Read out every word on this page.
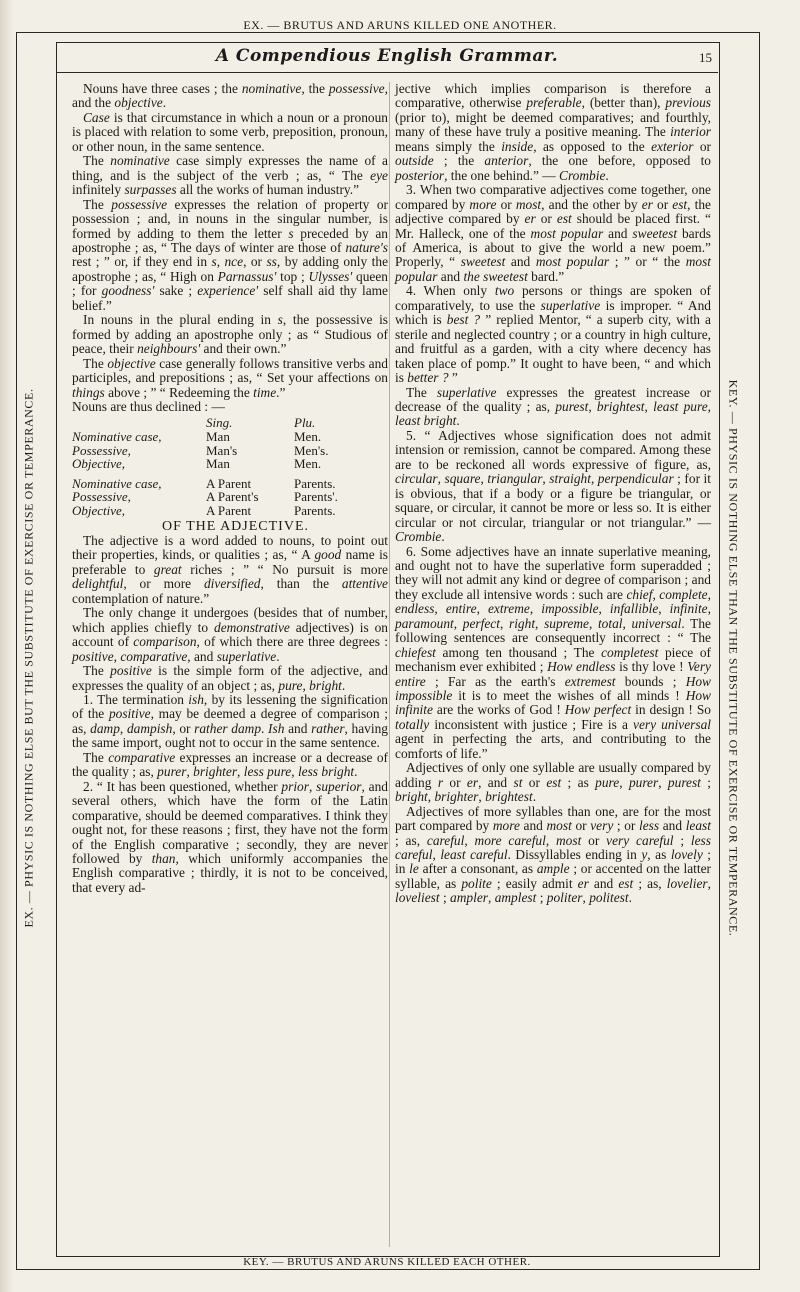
EX. — BRUTUS AND ARUNS KILLED ONE ANOTHER.
EX. — PHYSIC IS NOTHING ELSE BUT THE SUBSTITUTE OF EXERCISE OR TEMPERANCE.	KEY. — PHYSIC IS NOTHING ELSE THAN THE SUBSTITUTE OF EXERCISE OR TEMPERANCE.
A Compendious English Grammar.	15

Nouns have three cases ; the nominative, the possessive, and the objective.

Case is that circumstance in which a noun or a pronoun is placed with relation to some verb, preposition, pronoun, or other noun, in the same sentence.

The nominative case simply expresses the name of a thing, and is the subject of the verb ; as, “ The eye infinitely surpasses all the works of human industry.”

The possessive expresses the relation of property or possession ; and, in nouns in the singular number, is formed by adding to them the letter s preceded by an apostrophe ; as, “ The days of winter are those of nature's rest ; ” or, if they end in s, nce, or ss, by adding only the apostrophe ; as, “ High on Parnassus' top ; Ulysses' queen ; for goodness' sake ; experience' self shall aid thy lame belief.”

In nouns in the plural ending in s, the possessive is formed by adding an apostrophe only ; as “ Studious of peace, their neighbours' and their own.”

The objective case generally follows transitive verbs and participles, and prepositions ; as, “ Set your affections on things above ; ” “ Redeeming the time.”

Nouns are thus declined : —

	Sing.	Plu.
Nominative case,	Man	Men.
Possessive,	Man's	Men's.
Objective,	Man	Men.

Nominative case,	A Parent	Parents.
Possessive,	A Parent's	Parents'.
Objective,	A Parent	Parents.

OF THE ADJECTIVE.

The adjective is a word added to nouns, to point out their properties, kinds, or qualities ; as, “ A good name is preferable to great riches ; ” “ No pursuit is more delightful, or more diversified, than the attentive contemplation of nature.”

The only change it undergoes (besides that of number, which applies chiefly to demonstrative adjectives) is on account of comparison, of which there are three degrees : positive, comparative, and superlative.

The positive is the simple form of the adjective, and expresses the quality of an object ; as, pure, bright.

1. The termination ish, by its lessening the signification of the positive, may be deemed a degree of comparison ; as, damp, dampish, or rather damp. Ish and rather, having the same import, ought not to occur in the same sentence.

The comparative expresses an increase or a decrease of the quality ; as, purer, brighter, less pure, less bright.

2. “ It has been questioned, whether prior, superior, and several others, which have the form of the Latin comparative, should be deemed comparatives. I think they ought not, for these reasons ; first, they have not the form of the English comparative ; secondly, they are never followed by than, which uniformly accompanies the English comparative ; thirdly, it is not to be conceived, that every ad-

jective which implies comparison is therefore a comparative, otherwise preferable, (better than), previous (prior to), might be deemed comparatives; and fourthly, many of these have truly a positive meaning. The interior means simply the inside, as opposed to the exterior or outside ; the anterior, the one before, opposed to posterior, the one behind.” — Crombie.

3. When two comparative adjectives come together, one compared by more or most, and the other by er or est, the adjective compared by er or est should be placed first. “ Mr. Halleck, one of the most popular and sweetest bards of America, is about to give the world a new poem.” Properly, “ sweetest and most popular ; ” or “ the most popular and the sweetest bard.”

4. When only two persons or things are spoken of comparatively, to use the superlative is improper. “ And which is best ? ” replied Mentor, “ a superb city, with a sterile and neglected country ; or a country in high culture, and fruitful as a garden, with a city where decency has taken place of pomp.” It ought to have been, “ and which is better ? ”

The superlative expresses the greatest increase or decrease of the quality ; as, purest, brightest, least pure, least bright.

5. “ Adjectives whose signification does not admit intension or remission, cannot be compared. Among these are to be reckoned all words expressive of figure, as, circular, square, triangular, straight, perpendicular ; for it is obvious, that if a body or a figure be triangular, or square, or circular, it cannot be more or less so. It is either circular or not circular, triangular or not triangular.” — Crombie.

6. Some adjectives have an innate superlative meaning, and ought not to have the superlative form superadded ; they will not admit any kind or degree of comparison ; and they exclude all intensive words : such are chief, complete, endless, entire, extreme, impossible, infallible, infinite, paramount, perfect, right, supreme, total, universal. The following sentences are consequently incorrect : “ The chiefest among ten thousand ; The completest piece of mechanism ever exhibited ; How endless is thy love ! Very entire ; Far as the earth's extremest bounds ; How impossible it is to meet the wishes of all minds ! How infinite are the works of God ! How perfect in design ! So totally inconsistent with justice ; Fire is a very universal agent in perfecting the arts, and contributing to the comforts of life.”

Adjectives of only one syllable are usually compared by adding r or er, and st or est ; as pure, purer, purest ; bright, brighter, brightest.

Adjectives of more syllables than one, are for the most part compared by more and most or very ; or less and least ; as, careful, more careful, most or very careful ; less careful, least careful. Dissyllables ending in y, as lovely ; in le after a consonant, as ample ; or accented on the latter syllable, as polite ; easily admit er and est ; as, lovelier, loveliest ; ampler, amplest ; politer, politest.

KEY. — BRUTUS AND ARUNS KILLED EACH OTHER.
